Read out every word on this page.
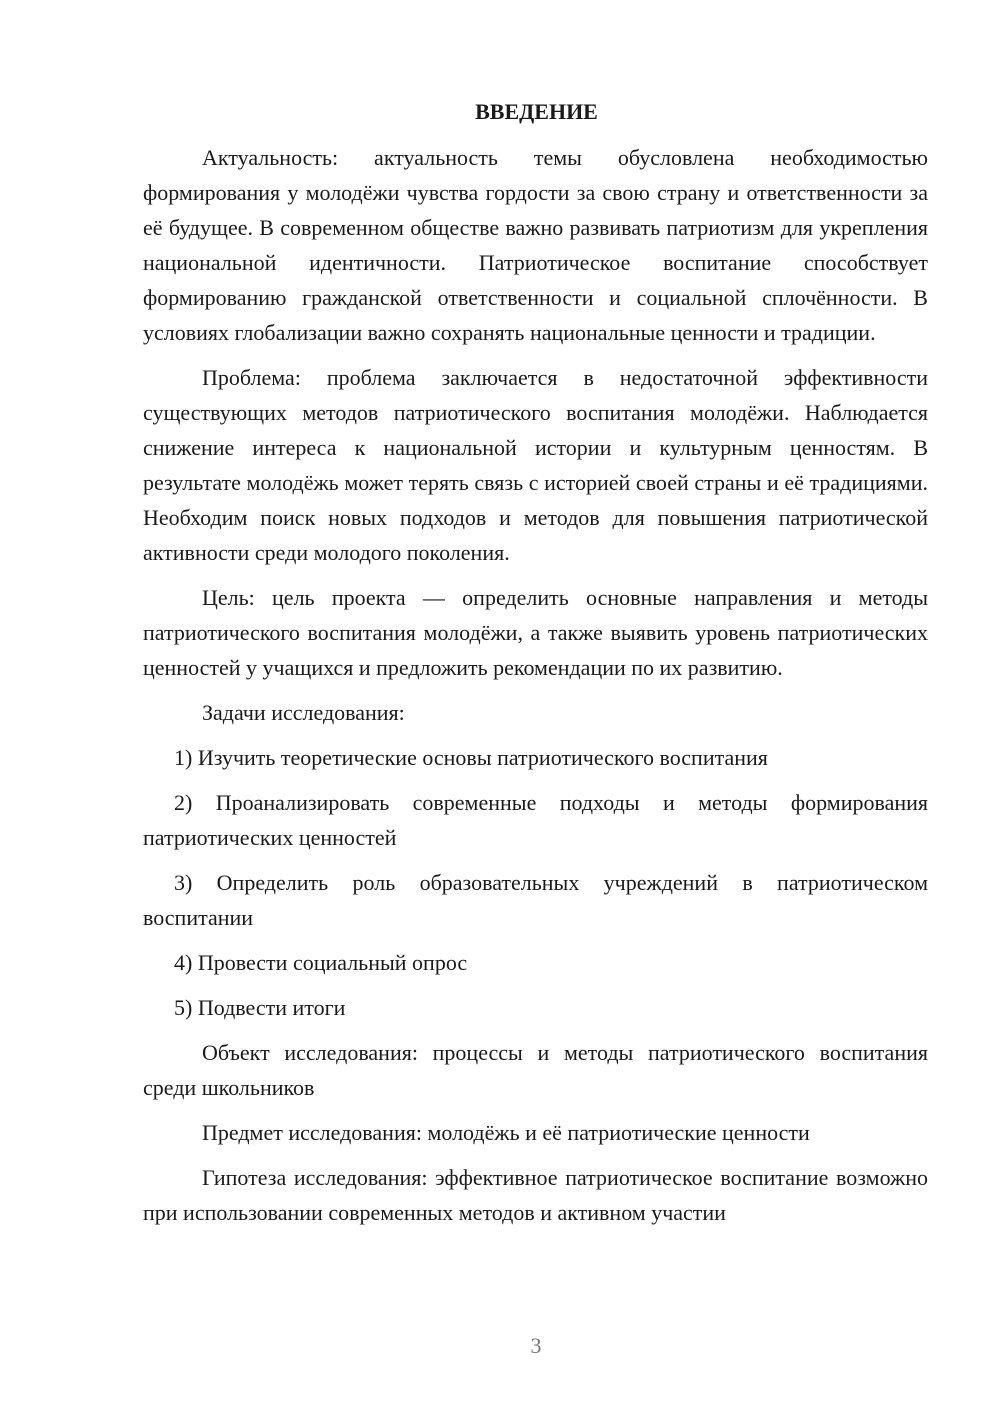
ВВЕДЕНИЕ

Актуальность: актуальность темы обусловлена необходимостью формирования у молодёжи чувства гордости за свою страну и ответственности за её будущее. В современном обществе важно развивать патриотизм для укрепления национальной идентичности. Патриотическое воспитание способствует формированию гражданской ответственности и социальной сплочённости. В условиях глобализации важно сохранять национальные ценности и традиции.

Проблема: проблема заключается в недостаточной эффективности существующих методов патриотического воспитания молодёжи. Наблюдается снижение интереса к национальной истории и культурным ценностям. В результате молодёжь может терять связь с историей своей страны и её традициями. Необходим поиск новых подходов и методов для повышения патриотической активности среди молодого поколения.

Цель: цель проекта — определить основные направления и методы патриотического воспитания молодёжи, а также выявить уровень патриотических ценностей у учащихся и предложить рекомендации по их развитию.

Задачи исследования:

1) Изучить теоретические основы патриотического воспитания

2) Проанализировать современные подходы и методы формирования патриотических ценностей

3) Определить роль образовательных учреждений в патриотическом воспитании

4) Провести социальный опрос

5) Подвести итоги

Объект исследования: процессы и методы патриотического воспитания среди школьников

Предмет исследования: молодёжь и её патриотические ценности

Гипотеза исследования: эффективное патриотическое воспитание возможно при использовании современных методов и активном участии

3
